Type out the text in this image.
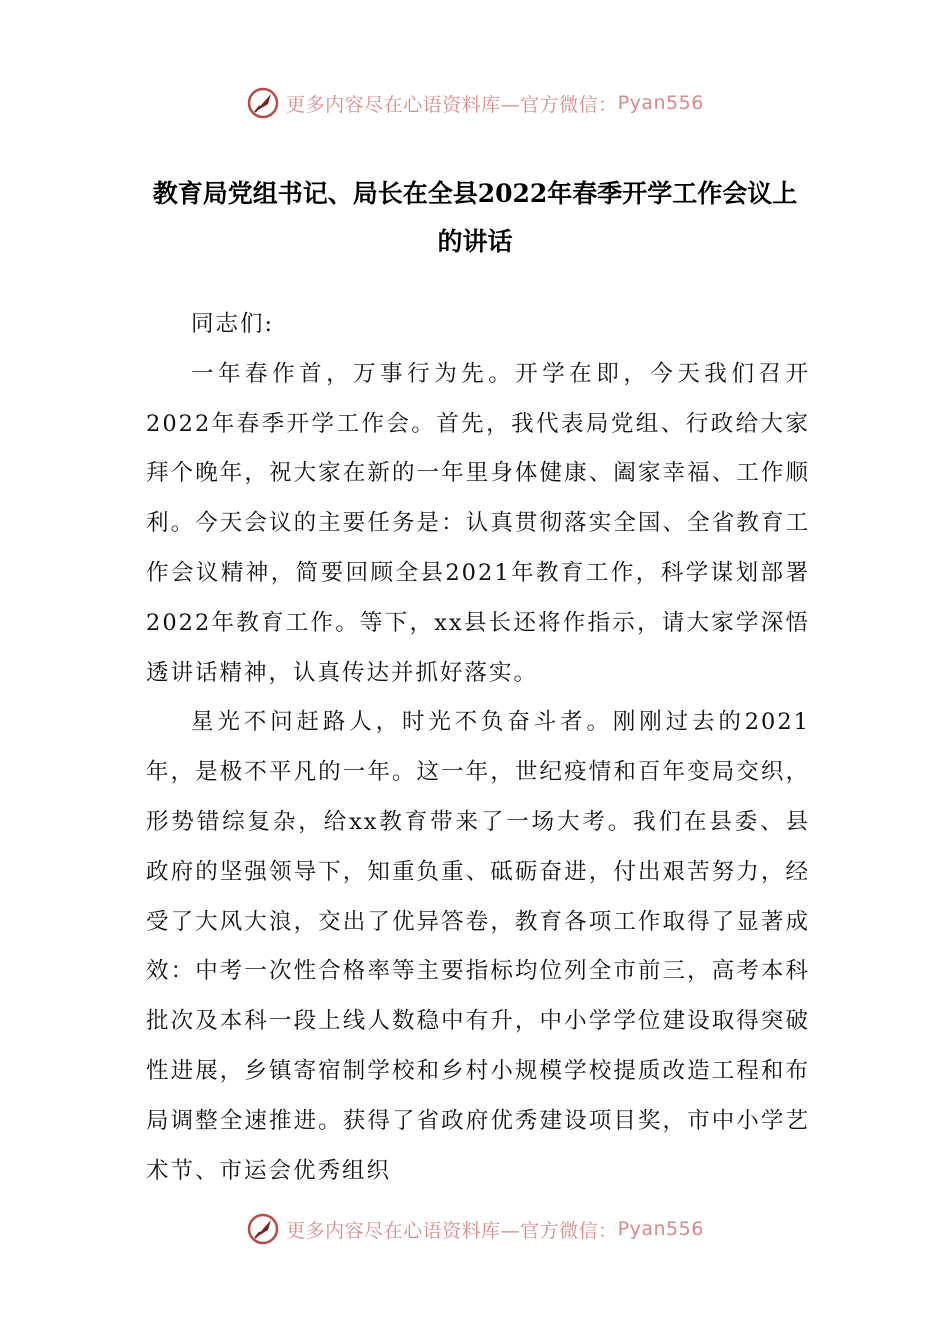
更多内容尽在心语资料库—官方微信： Pyan556
教育局党组书记、局长在全县2022年春季开学工作会议上
的讲话

同志们:

一年春作首，万事行为先。开学在即，今天我们召开2022年春季开学工作会。首先，我代表局党组、行政给大家拜个晚年，祝大家在新的一年里身体健康、阖家幸福、工作顺利。今天会议的主要任务是：认真贯彻落实全国、全省教育工作会议精神，简要回顾全县2021年教育工作，科学谋划部署2022年教育工作。等下，xx县长还将作指示，请大家学深悟透讲话精神，认真传达并抓好落实。

星光不问赶路人，时光不负奋斗者。刚刚过去的2021年，是极不平凡的一年。这一年，世纪疫情和百年变局交织，形势错综复杂，给xx教育带来了一场大考。我们在县委、县政府的坚强领导下，知重负重、砥砺奋进，付出艰苦努力，经受了大风大浪，交出了优异答卷，教育各项工作取得了显著成效：中考一次性合格率等主要指标均位列全市前三，高考本科批次及本科一段上线人数稳中有升，中小学学位建设取得突破性进展，乡镇寄宿制学校和乡村小规模学校提质改造工程和布局调整全速推进。获得了省政府优秀建设项目奖，市中小学艺术节、市运会优秀组织

更多内容尽在心语资料库—官方微信： Pyan556
